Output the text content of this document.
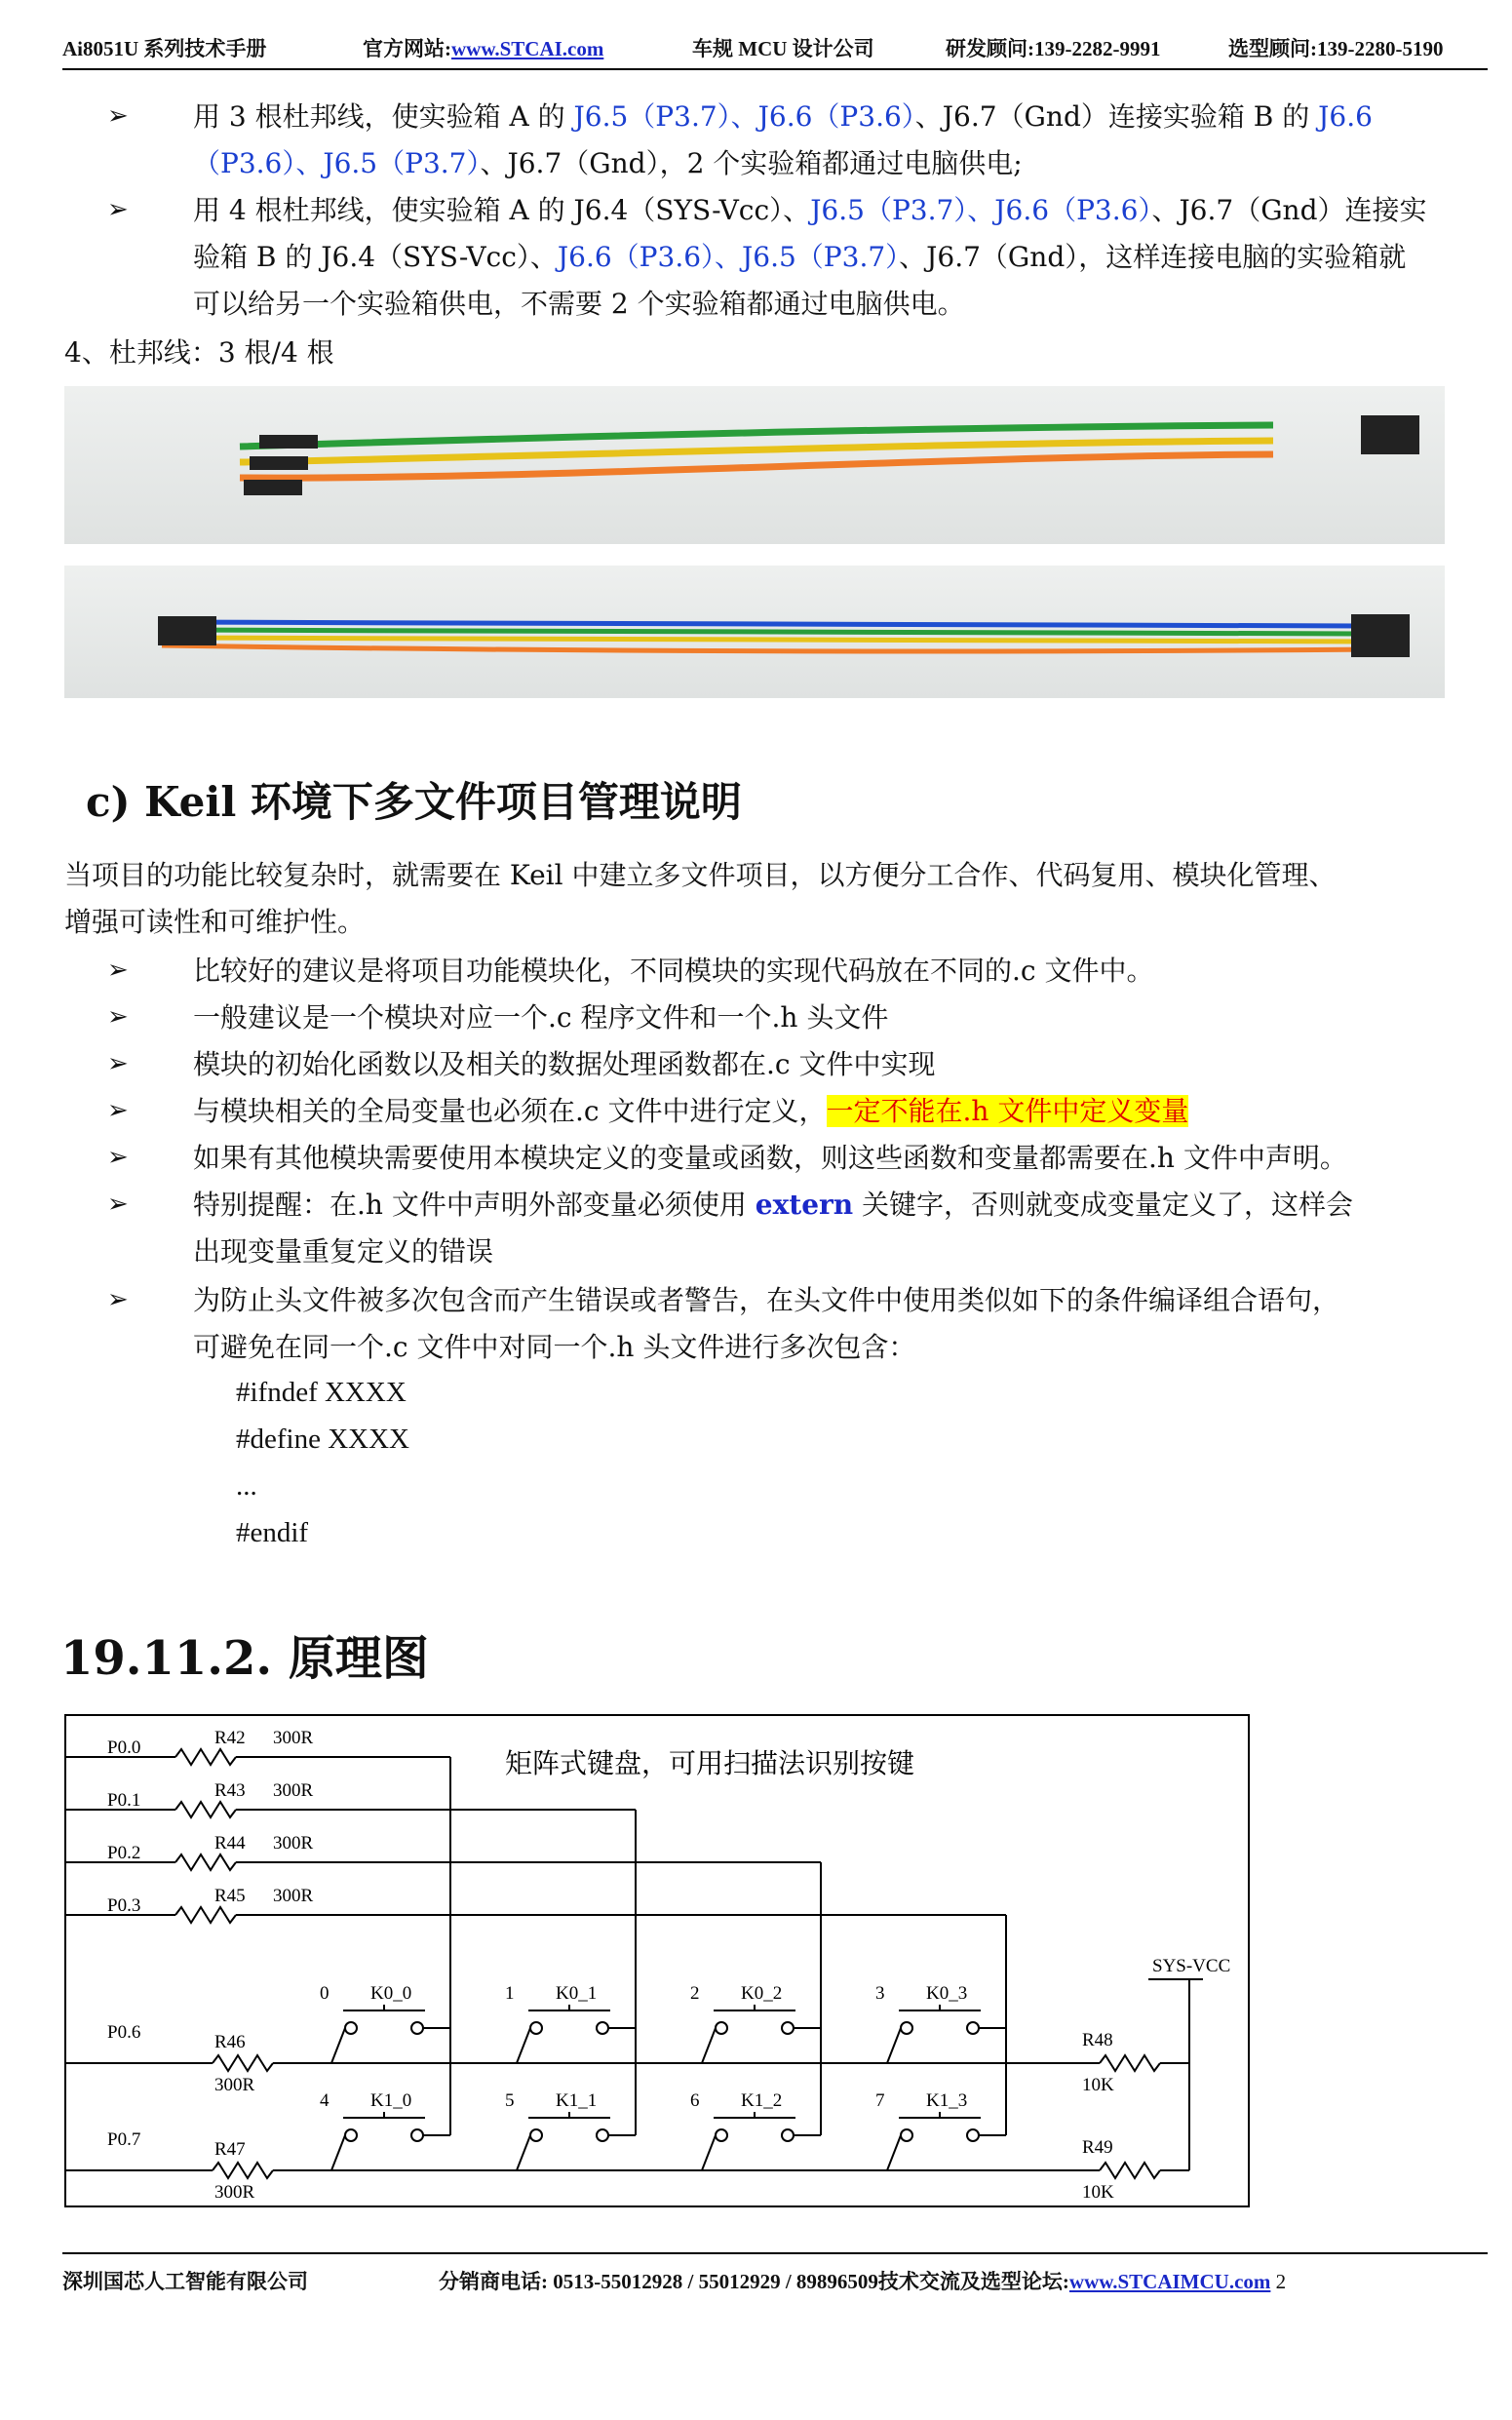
Ai8051U 系列技术手册	官方网站:www.STCAI.com	车规 MCU 设计公司	研发顾问:139-2282-9991	选型顾问:139-2280-5190
➢ 用 3 根杜邦线，使实验箱 A 的 J6.5（P3.7）、J6.6（P3.6）、J6.7（Gnd）连接实验箱 B 的 J6.6
（P3.6）、J6.5（P3.7）、J6.7（Gnd），2 个实验箱都通过电脑供电;
➢ 用 4 根杜邦线，使实验箱 A 的 J6.4（SYS-Vcc）、J6.5（P3.7）、J6.6（P3.6）、J6.7（Gnd）连接实
验箱 B 的 J6.4（SYS-Vcc）、J6.6（P3.6）、J6.5（P3.7）、J6.7（Gnd），这样连接电脑的实验箱就
可以给另一个实验箱供电，不需要 2 个实验箱都通过电脑供电。
4、杜邦线：3 根/4 根
c) Keil 环境下多文件项目管理说明
当项目的功能比较复杂时，就需要在 Keil 中建立多文件项目，以方便分工合作、代码复用、模块化管理、
增强可读性和可维护性。
➢ 比较好的建议是将项目功能模块化，不同模块的实现代码放在不同的.c 文件中。
➢ 一般建议是一个模块对应一个.c 程序文件和一个.h 头文件
➢ 模块的初始化函数以及相关的数据处理函数都在.c 文件中实现
➢ 与模块相关的全局变量也必须在.c 文件中进行定义，一定不能在.h 文件中定义变量
➢ 如果有其他模块需要使用本模块定义的变量或函数，则这些函数和变量都需要在.h 文件中声明。
➢ 特别提醒：在.h 文件中声明外部变量必须使用 extern 关键字，否则就变成变量定义了，这样会
出现变量重复定义的错误
➢ 为防止头文件被多次包含而产生错误或者警告，在头文件中使用类似如下的条件编译组合语句，
可避免在同一个.c 文件中对同一个.h 头文件进行多次包含：
#ifndef XXXX
#define XXXX
...
#endif
19.11.2. 原理图
矩阵式键盘，可用扫描法识别按键
P0.0
P0.1
P0.2
P0.3
P0.6
P0.7
R42 300R
R43 300R
R44 300R
R45 300R
R46
300R
R47
300R
R48
10K
R49
10K
SYS-VCC
0 K0_0	1 K0_1	2 K0_2	3 K0_3
4 K1_0	5 K1_1	6 K1_2	7 K1_3
深圳国芯人工智能有限公司	分销商电话: 0513-55012928 / 55012929 / 89896509技术交流及选型论坛:www.STCAIMCU.com 2
